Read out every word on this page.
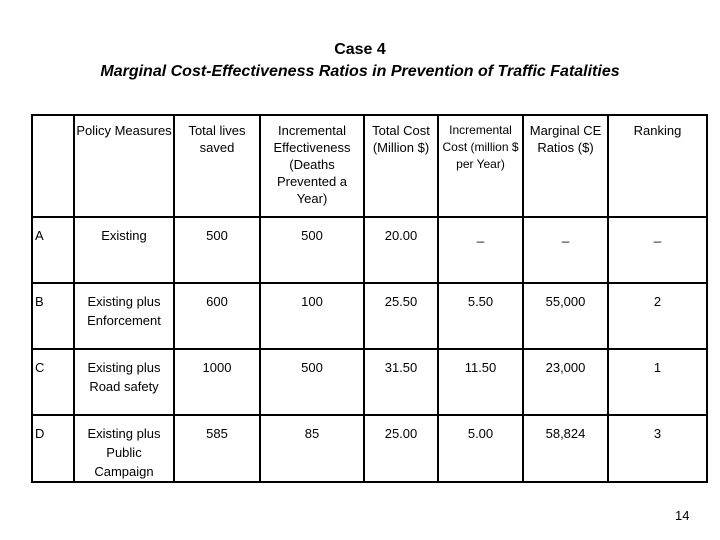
Case 4
Marginal Cost-Effectiveness Ratios in Prevention of Traffic Fatalities
	Policy Measures	Total lives saved	Incremental Effectiveness (Deaths Prevented a Year)	Total Cost (Million $)	Incremental Cost (million $ per Year)	Marginal CE Ratios ($)	Ranking
A	Existing	500	500	20.00	_	_	_
B	Existing plus Enforcement	600	100	25.50	5.50	55,000	2
C	Existing plus Road safety	1000	500	31.50	11.50	23,000	1
D	Existing plus Public Campaign	585	85	25.00	5.00	58,824	3
14
